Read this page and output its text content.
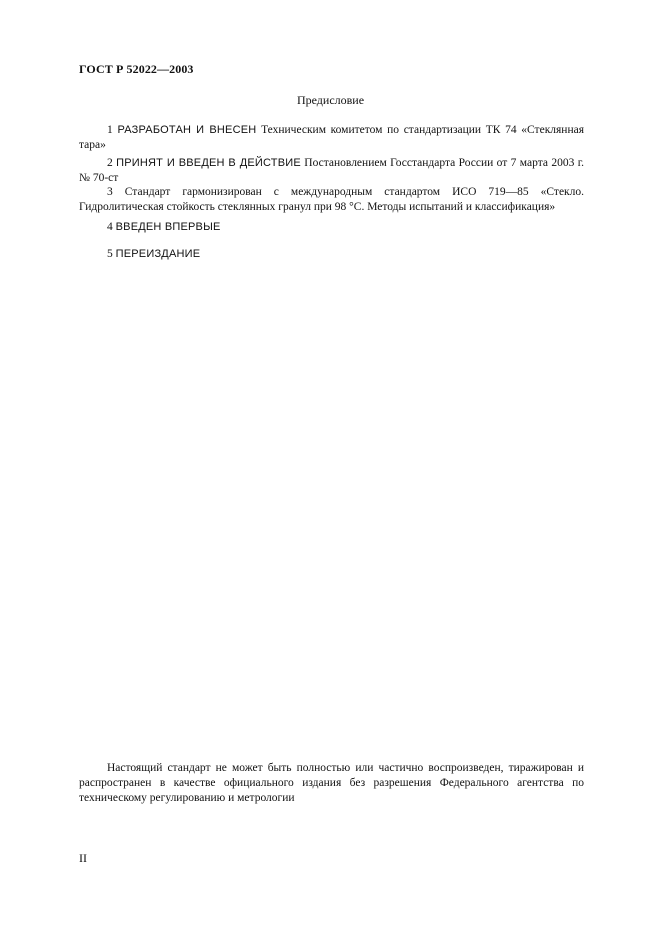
ГОСТ Р 52022—2003
Предисловие

1 РАЗРАБОТАН И ВНЕСЕН Техническим комитетом по стандартизации ТК 74 «Стеклянная тара»

2 ПРИНЯТ И ВВЕДЕН В ДЕЙСТВИЕ Постановлением Госстандарта России от 7 марта 2003 г. № 70-ст

3 Стандарт гармонизирован с международным стандартом ИСО 719—85 «Стекло. Гидролитическая стойкость стеклянных гранул при 98 °С. Методы испытаний и классификация»

4 ВВЕДЕН ВПЕРВЫЕ

5 ПЕРЕИЗДАНИЕ

Настоящий стандарт не может быть полностью или частично воспроизведен, тиражирован и распространен в качестве официального издания без разрешения Федерального агентства по техническому регулированию и метрологии

II
